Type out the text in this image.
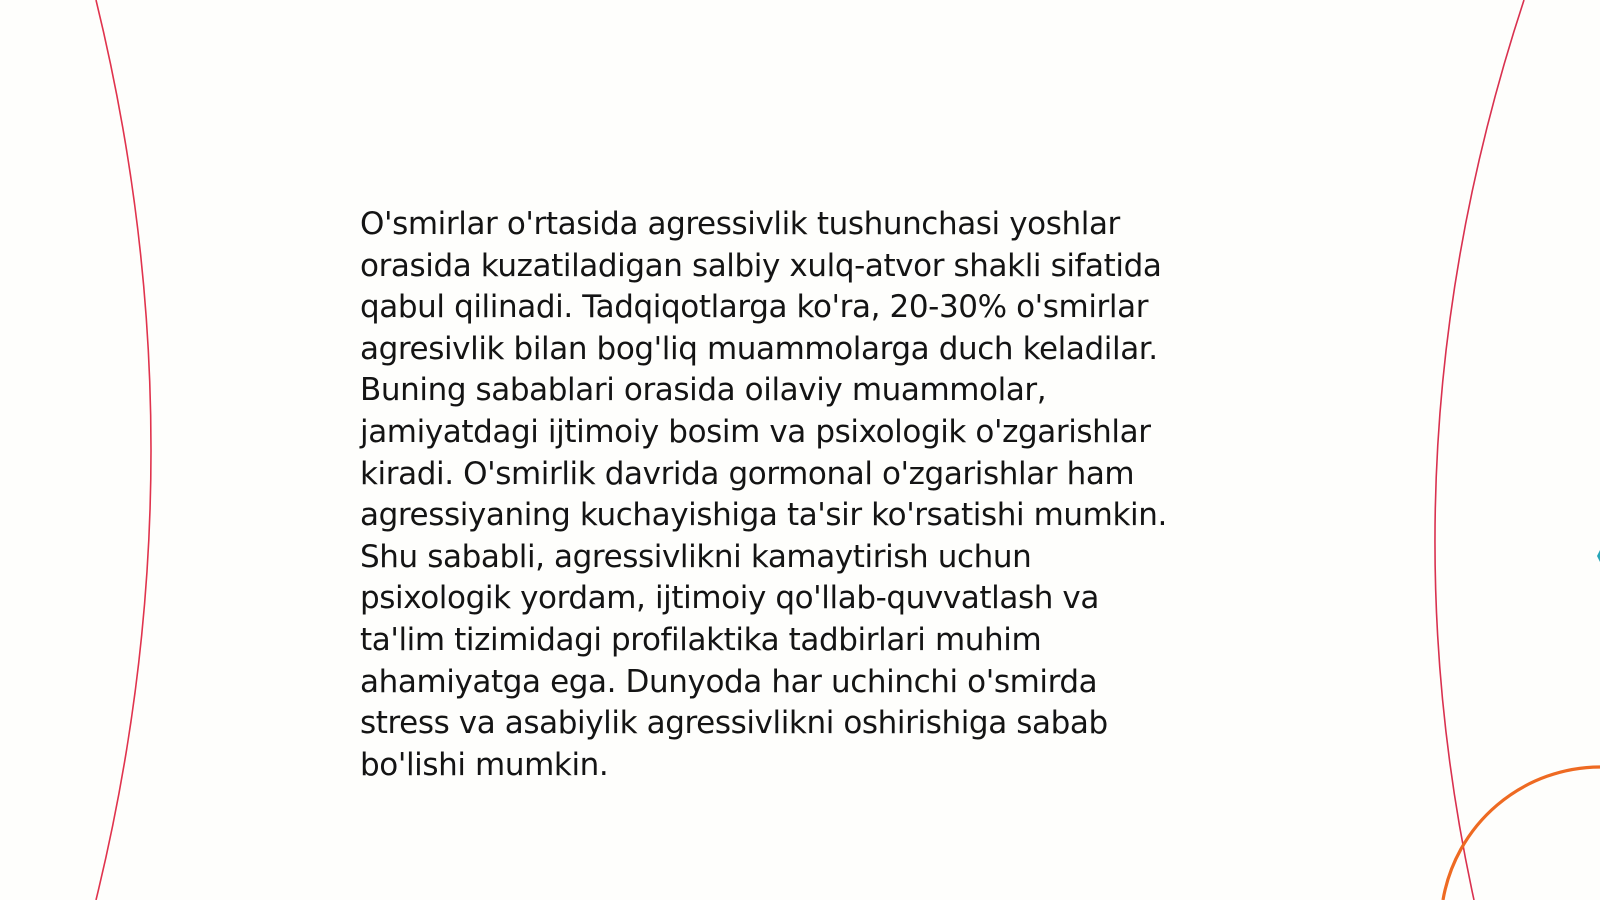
O'smirlar o'rtasida agressivlik tushunchasi yoshlar
orasida kuzatiladigan salbiy xulq-atvor shakli sifatida
qabul qilinadi. Tadqiqotlarga ko'ra, 20-30% o'smirlar
agresivlik bilan bog'liq muammolarga duch keladilar.
Buning sabablari orasida oilaviy muammolar,
jamiyatdagi ijtimoiy bosim va psixologik o'zgarishlar
kiradi. O'smirlik davrida gormonal o'zgarishlar ham
agressiyaning kuchayishiga ta'sir ko'rsatishi mumkin.
Shu sababli, agressivlikni kamaytirish uchun
psixologik yordam, ijtimoiy qo'llab-quvvatlash va
ta'lim tizimidagi profilaktika tadbirlari muhim
ahamiyatga ega. Dunyoda har uchinchi o'smirda
stress va asabiylik agressivlikni oshirishiga sabab
bo'lishi mumkin.
